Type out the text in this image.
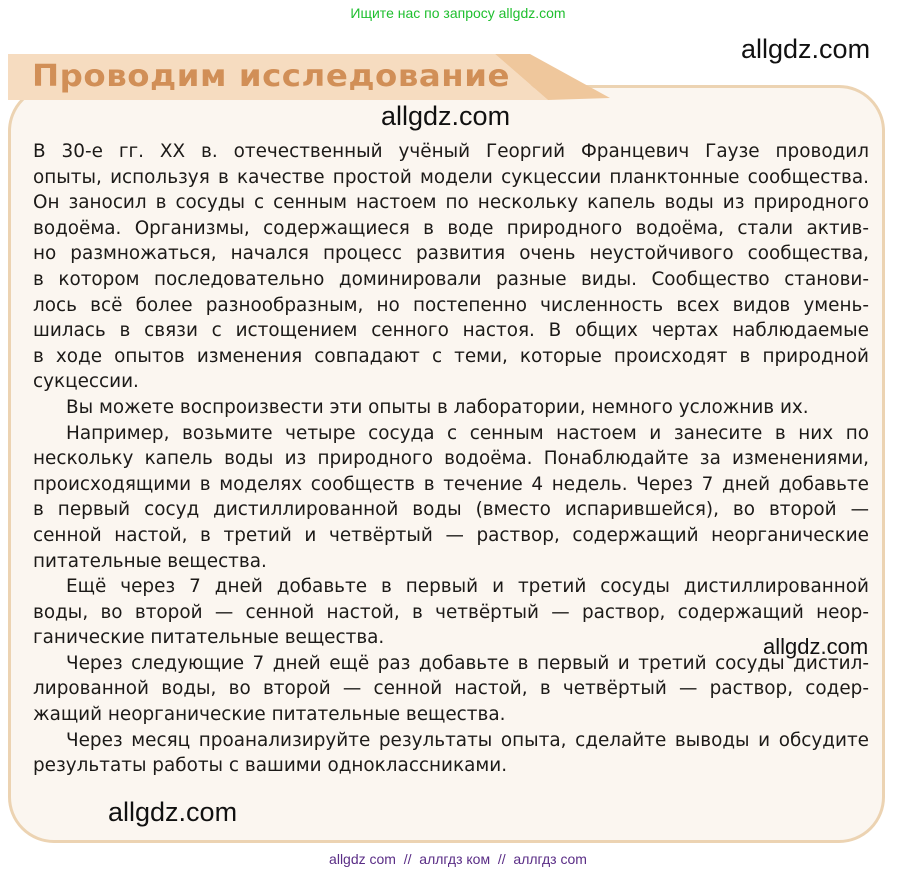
Ищите нас по запросу allgdz.com
Проводим исследование
allgdz.com
allgdz.com
В 30-е гг. XX в. отечественный учёный Георгий Францевич Гаузе проводил
опыты, используя в качестве простой модели сукцессии планктонные сообщества.
Он заносил в сосуды с сенным настоем по нескольку капель воды из природного
водоёма. Организмы, содержащиеся в воде природного водоёма, стали актив-
но размножаться, начался процесс развития очень неустойчивого сообщества,
в котором последовательно доминировали разные виды. Сообщество станови-
лось всё более разнообразным, но постепенно численность всех видов умень-
шилась в связи с истощением сенного настоя. В общих чертах наблюдаемые
в ходе опытов изменения совпадают с теми, которые происходят в природной
сукцессии.
Вы можете воспроизвести эти опыты в лаборатории, немного усложнив их.
Например, возьмите четыре сосуда с сенным настоем и занесите в них по
нескольку капель воды из природного водоёма. Понаблюдайте за изменениями,
происходящими в моделях сообществ в течение 4 недель. Через 7 дней добавьте
в первый сосуд дистиллированной воды (вместо испарившейся), во второй —
сенной настой, в третий и четвёртый — раствор, содержащий неорганические
питательные вещества.
Ещё через 7 дней добавьте в первый и третий сосуды дистиллированной
воды, во второй — сенной настой, в четвёртый — раствор, содержащий неор-
ганические питательные вещества.
Через следующие 7 дней ещё раз добавьте в первый и третий сосуды дистил-
лированной воды, во второй — сенной настой, в четвёртый — раствор, содер-
жащий неорганические питательные вещества.
Через месяц проанализируйте результаты опыта, сделайте выводы и обсудите
результаты работы с вашими одноклассниками.
allgdz.com
allgdz.com
allgdz com  //  аллгдз ком  //  аллгдз com
